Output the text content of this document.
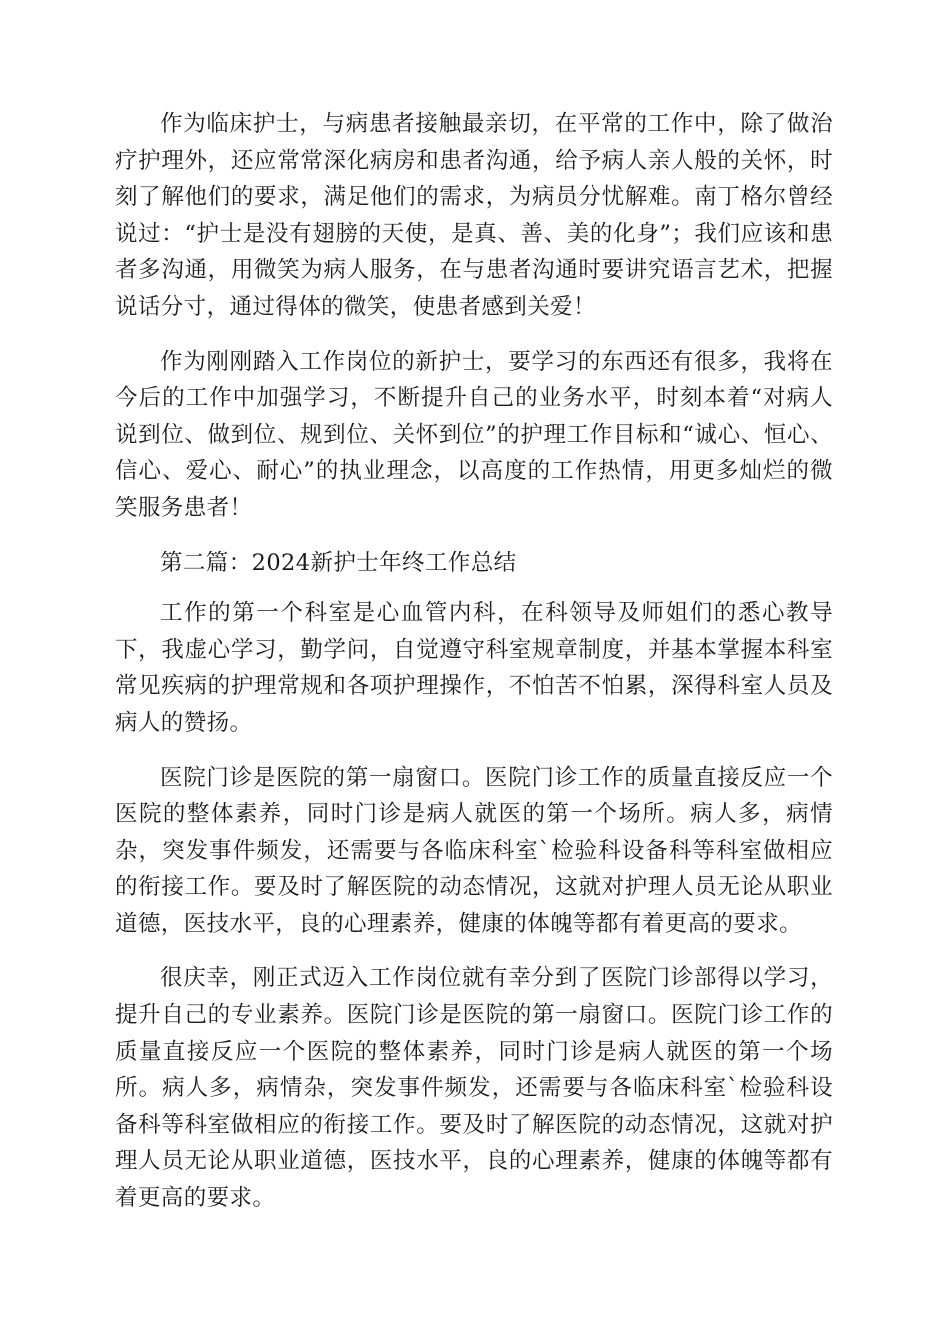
作为临床护士，与病患者接触最亲切，在平常的工作中，除了做治疗护理外，还应常常深化病房和患者沟通，给予病人亲人般的关怀，时刻了解他们的要求，满足他们的需求，为病员分忧解难。南丁格尔曾经说过：“护士是没有翅膀的天使，是真、善、美的化身”；我们应该和患者多沟通，用微笑为病人服务，在与患者沟通时要讲究语言艺术，把握说话分寸，通过得体的微笑，使患者感到关爱！

作为刚刚踏入工作岗位的新护士，要学习的东西还有很多，我将在今后的工作中加强学习，不断提升自己的业务水平，时刻本着“对病人说到位、做到位、规到位、关怀到位”的护理工作目标和“诚心、恒心、信心、爱心、耐心”的执业理念，以高度的工作热情，用更多灿烂的微笑服务患者！

第二篇：2024新护士年终工作总结

工作的第一个科室是心血管内科，在科领导及师姐们的悉心教导下，我虚心学习，勤学问，自觉遵守科室规章制度，并基本掌握本科室常见疾病的护理常规和各项护理操作，不怕苦不怕累，深得科室人员及病人的赞扬。

医院门诊是医院的第一扇窗口。医院门诊工作的质量直接反应一个医院的整体素养，同时门诊是病人就医的第一个场所。病人多，病情杂，突发事件频发，还需要与各临床科室`检验科设备科等科室做相应的衔接工作。要及时了解医院的动态情况，这就对护理人员无论从职业道德，医技水平，良的心理素养，健康的体魄等都有着更高的要求。

很庆幸，刚正式迈入工作岗位就有幸分到了医院门诊部得以学习，提升自己的专业素养。医院门诊是医院的第一扇窗口。医院门诊工作的质量直接反应一个医院的整体素养，同时门诊是病人就医的第一个场所。病人多，病情杂，突发事件频发，还需要与各临床科室`检验科设备科等科室做相应的衔接工作。要及时了解医院的动态情况，这就对护理人员无论从职业道德，医技水平，良的心理素养，健康的体魄等都有着更高的要求。
